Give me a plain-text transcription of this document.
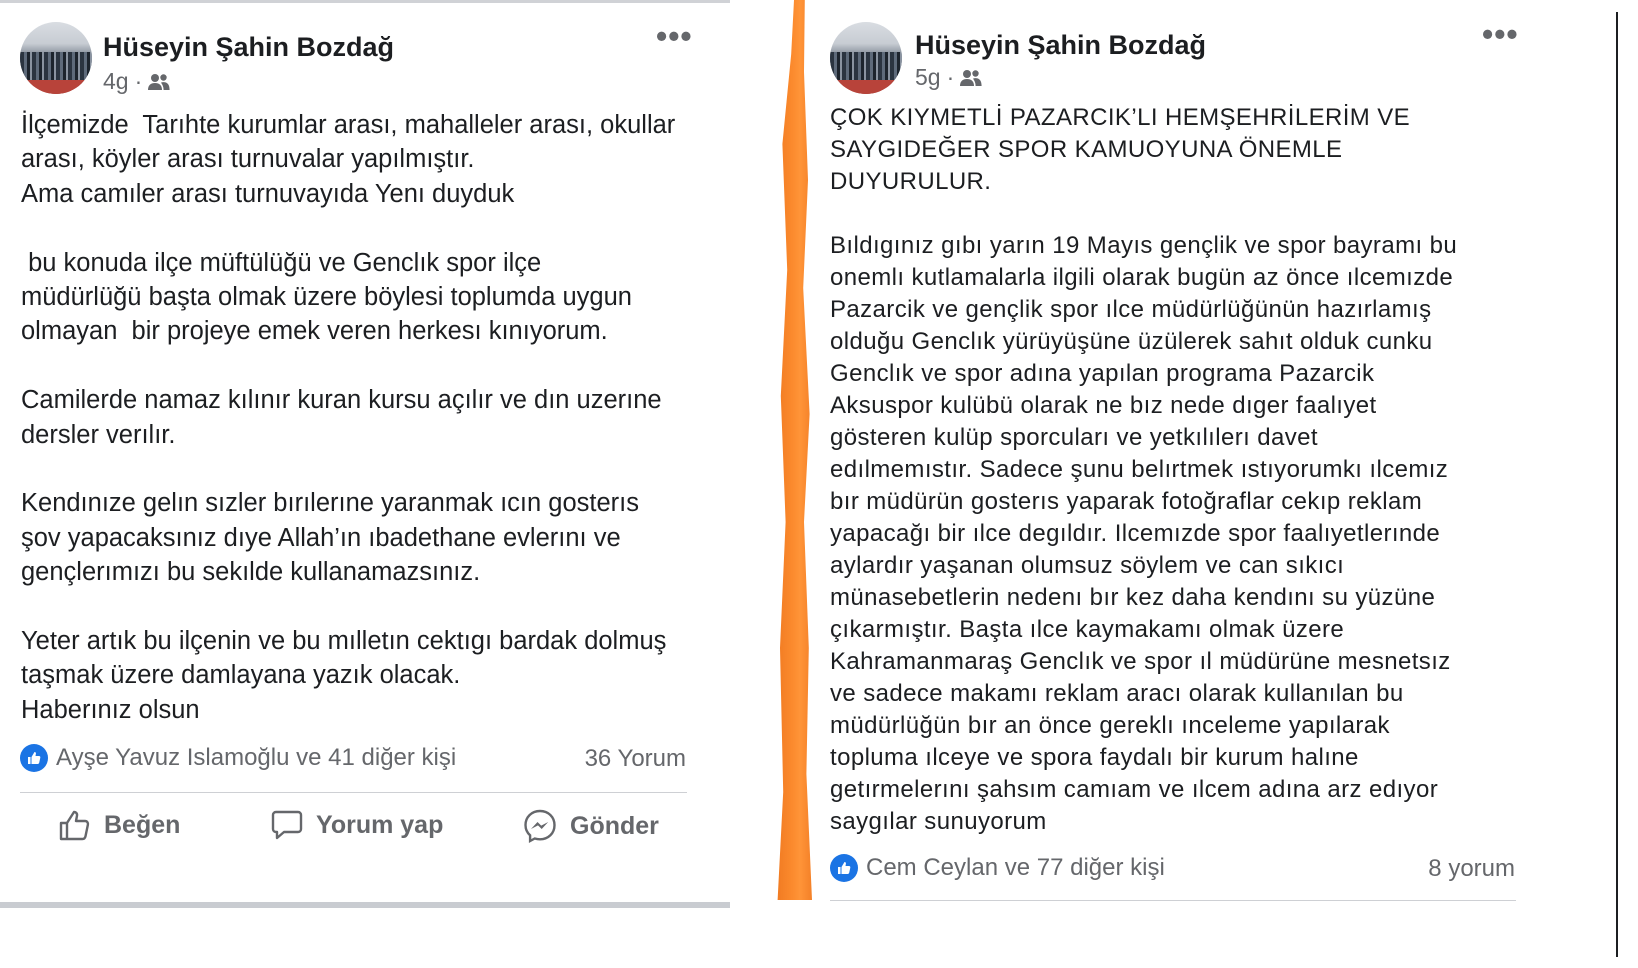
Hüseyin Şahin Bozdağ
4g ·
•••

İlçemizde  Tarıhte kurumlar arası, mahalleler arası, okullar

arası, köyler arası turnuvalar yapılmıştır.

Ama camıler arası turnuvayıda Yenı duyduk

bu konuda ilçe müftülüğü ve Genclık spor ilçe

müdürlüğü başta olmak üzere böylesi toplumda uygun

olmayan  bir projeye emek veren herkesı kınıyorum.

Camilerde namaz kılınır kuran kursu açılır ve dın uzerıne

dersler verılır.

Kendınıze gelın sızler bırılerıne yaranmak ıcın gosterıs

şov yapacaksınız dıye Allah’ın ıbadethane evlerını ve

gençlerımızı bu sekılde kullanamazsınız.

Yeter artık bu ilçenin ve bu mılletın cektıgı bardak dolmuş

taşmak üzere damlayana yazık olacak.

Haberınız olsun

Ayşe Yavuz Islamoğlu ve 41 diğer kişi	36 Yorum
Beğen	Yorum yap	Gönder
Hüseyin Şahin Bozdağ
5g ·
•••

ÇOK KIYMETLİ PAZARCIK’LI HEMŞEHRİLERİM VE

SAYGIDEĞER SPOR KAMUOYUNA ÖNEMLE

DUYURULUR.

Bıldıgınız gıbı yarın 19 Mayıs gençlik ve spor bayramı bu

onemlı kutlamalarla ilgili olarak bugün az önce ılcemızde

Pazarcik ve gençlik spor ılce müdürlüğünün hazırlamış

olduğu Genclık yürüyüşüne üzülerek sahıt olduk cunku

Genclık ve spor adına yapılan programa Pazarcik

Aksuspor kulübü olarak ne bız nede dıger faalıyet

gösteren kulüp sporcuları ve yetkılılerı davet

edılmemıstır. Sadece şunu belırtmek ıstıyorumkı ılcemız

bır müdürün gosterıs yaparak fotoğraflar cekıp reklam

yapacağı bir ılce degıldır. Ilcemızde spor faalıyetlerınde

aylardır yaşanan olumsuz söylem ve can sıkıcı

münasebetlerin nedenı bır kez daha kendını su yüzüne

çıkarmıştır. Başta ılce kaymakamı olmak üzere

Kahramanmaraş Genclık ve spor ıl müdürüne mesnetsız

ve sadece makamı reklam aracı olarak kullanılan bu

müdürlüğün bır an önce gereklı ınceleme yapılarak

topluma ılceye ve spora faydalı bir kurum halıne

getırmelerını şahsım camıam ve ılcem adına arz edıyor

saygılar sunuyorum

Cem Ceylan ve 77 diğer kişi	8 yorum
